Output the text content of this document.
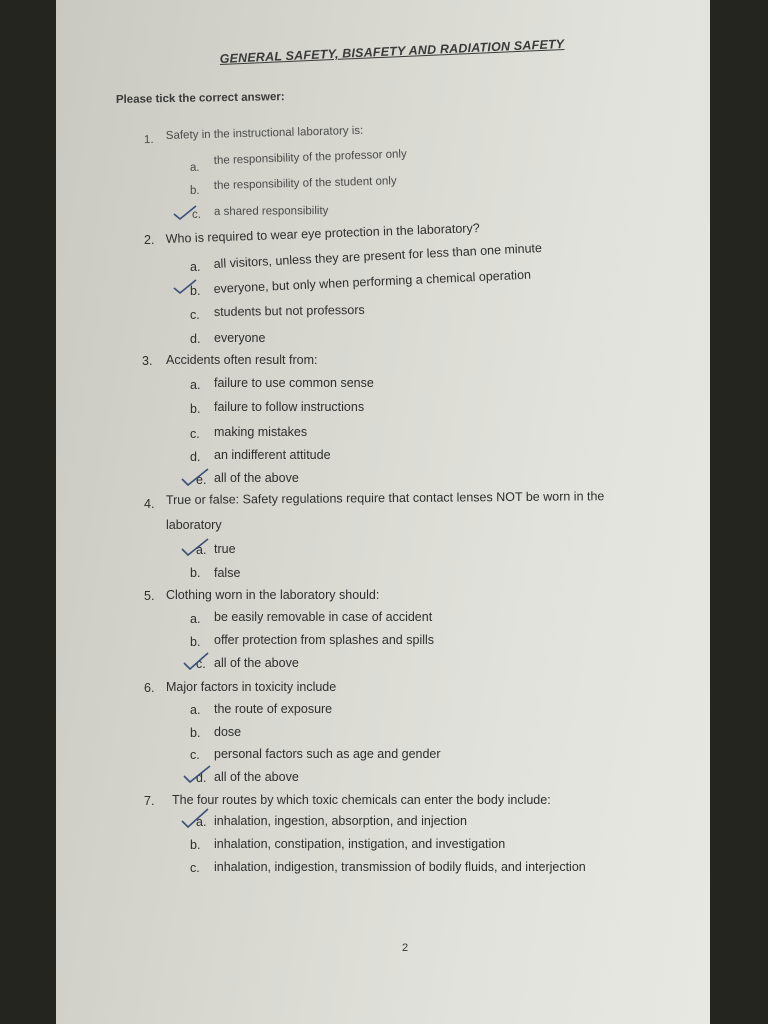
GENERAL SAFETY, BISAFETY AND RADIATION SAFETY
Please tick the correct answer:
1. Safety in the instructional laboratory is:
a.
the responsibility of the professor only
b. the responsibility of the student only
c. a shared responsibility
2. Who is required to wear eye protection in the laboratory?
a. all visitors, unless they are present for less than one minute
b. everyone, but only when performing a chemical operation
c. students but not professors
d. everyone
3. Accidents often result from:
a. failure to use common sense
b. failure to follow instructions
c. making mistakes
d. an indifferent attitude
e. all of the above
4. True or false: Safety regulations require that contact lenses NOT be worn in the
laboratory
a. true
b. false
5. Clothing worn in the laboratory should:
a. be easily removable in case of accident
b. offer protection from splashes and spills
c. all of the above
6. Major factors in toxicity include
a. the route of exposure
b. dose
c. personal factors such as age and gender
d. all of the above
7. The four routes by which toxic chemicals can enter the body include:
a. inhalation, ingestion, absorption, and injection
b. inhalation, constipation, instigation, and investigation
c. inhalation, indigestion, transmission of bodily fluids, and interjection
2
